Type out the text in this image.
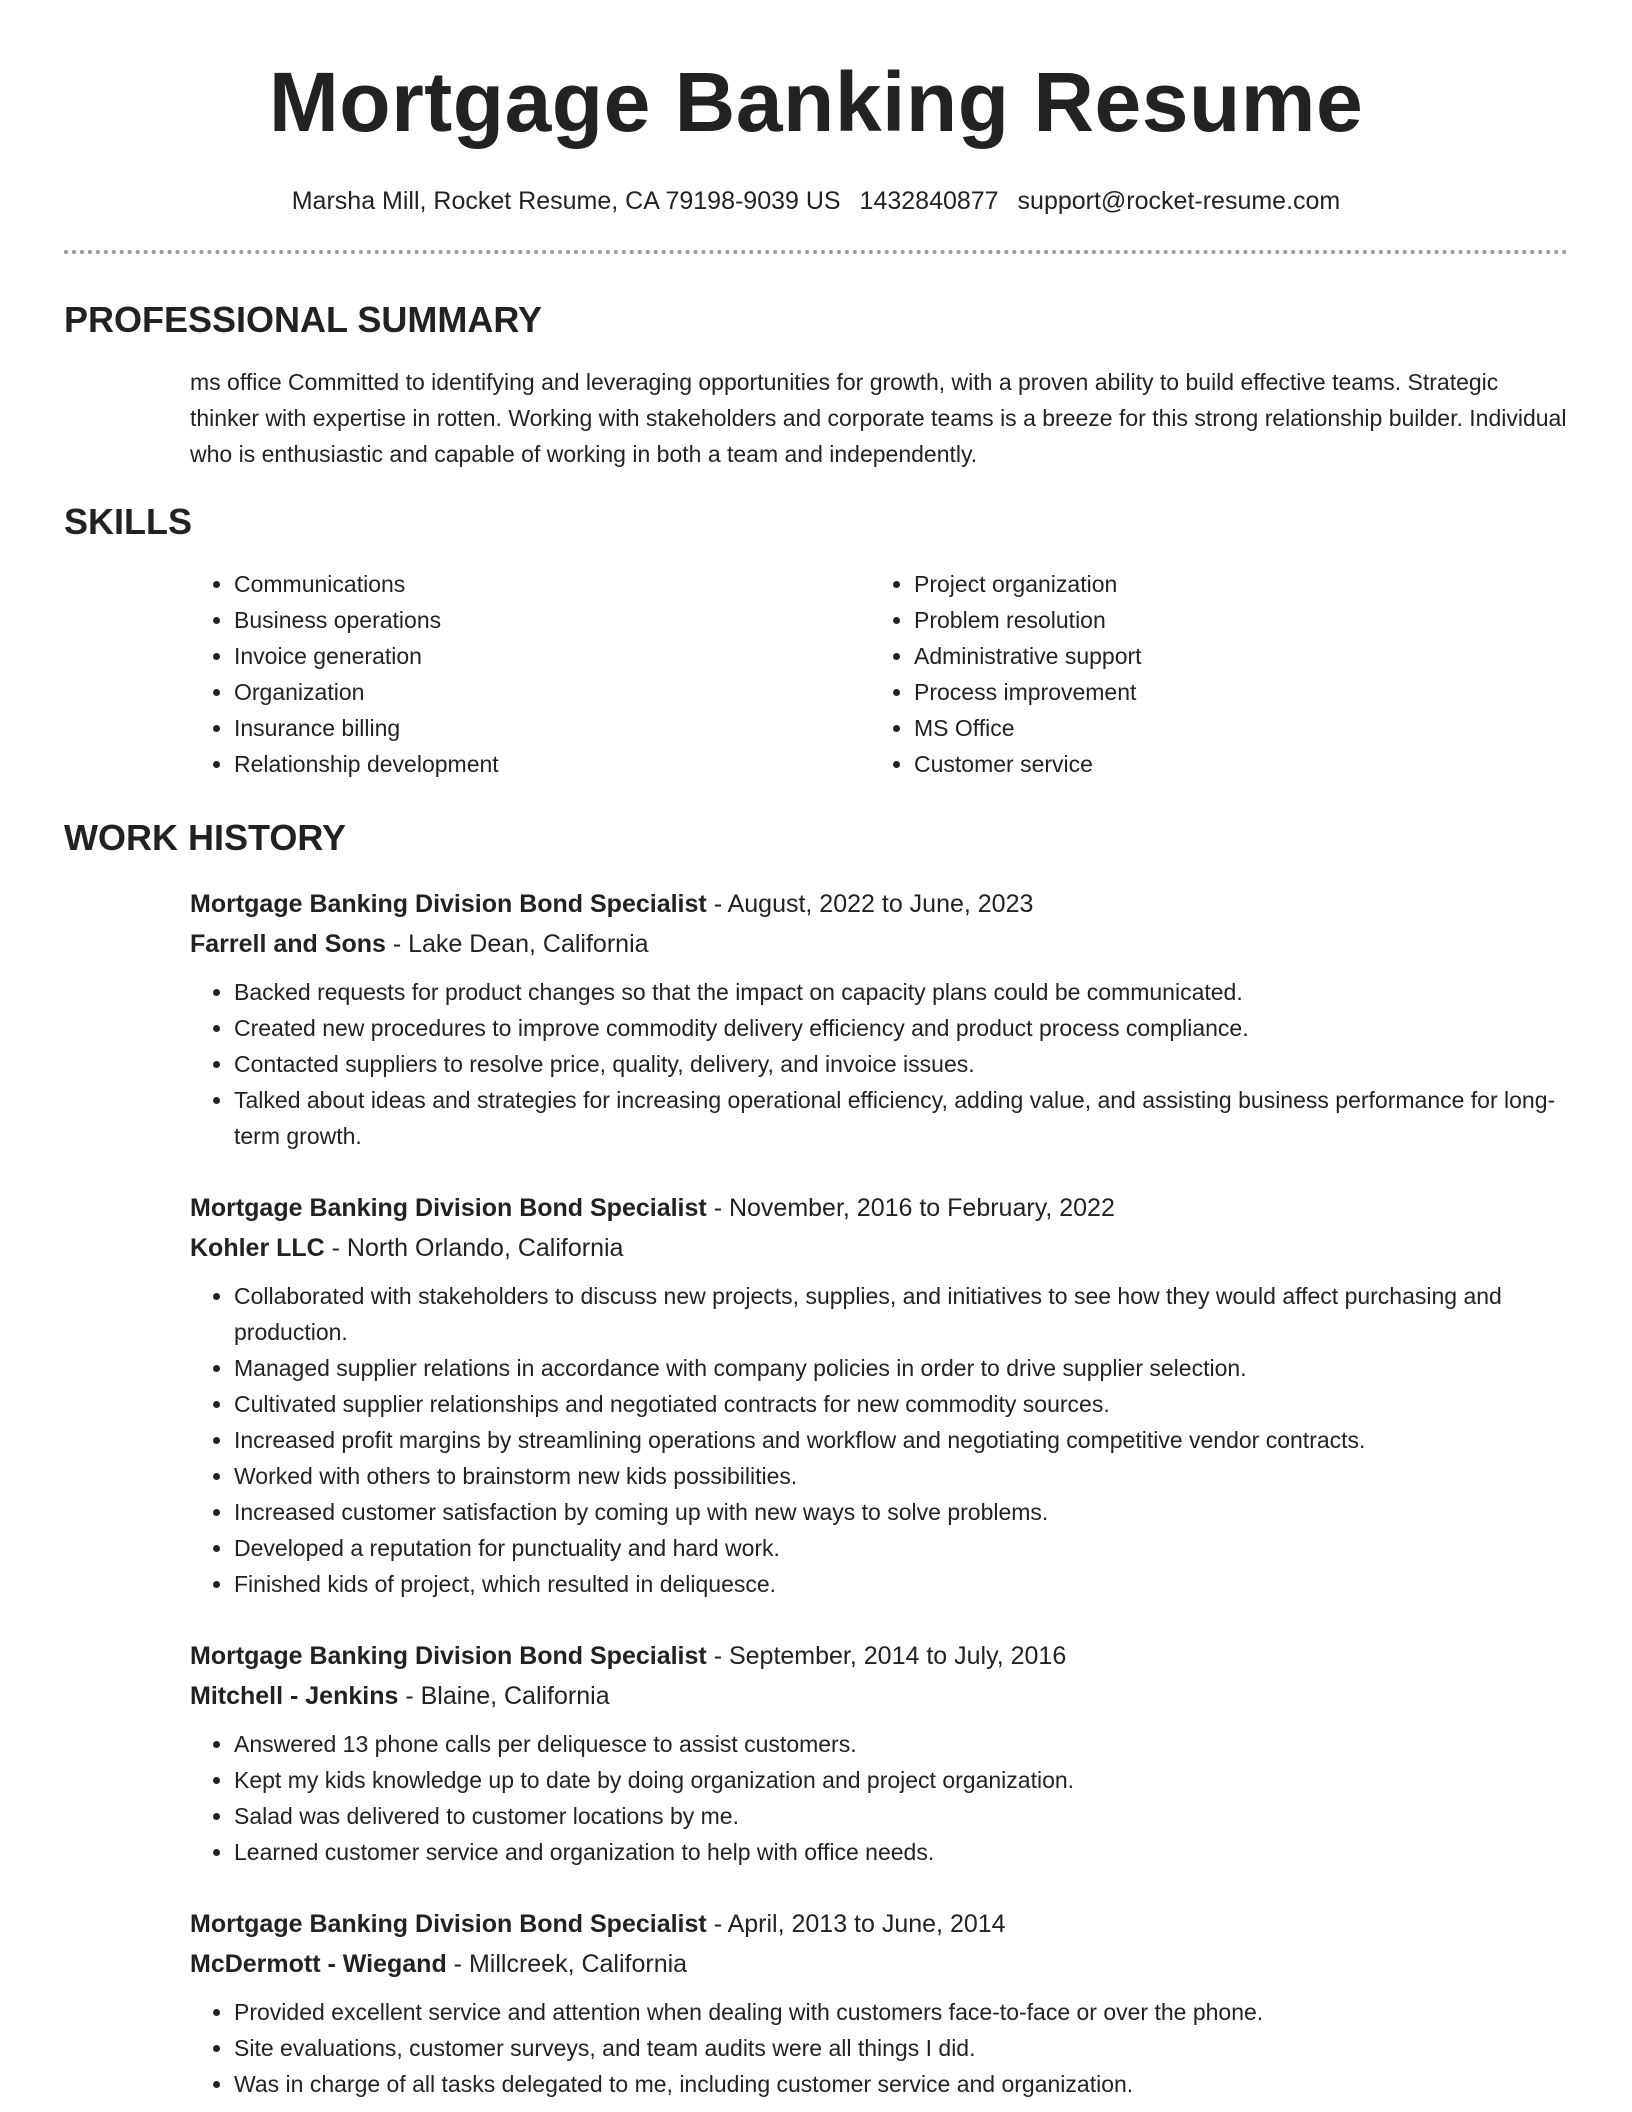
Mortgage Banking Resume
Marsha Mill, Rocket Resume, CA 79198-9039 US 1432840877 support@rocket-resume.com
PROFESSIONAL SUMMARY

ms office Committed to identifying and leveraging opportunities for growth, with a proven ability to build effective teams. Strategic thinker with expertise in rotten. Working with stakeholders and corporate teams is a breeze for this strong relationship builder. Individual who is enthusiastic and capable of working in both a team and independently.

SKILLS
• Communications
• Business operations
• Invoice generation
• Organization
• Insurance billing
• Relationship development
• Project organization
• Problem resolution
• Administrative support
• Process improvement
• MS Office
• Customer service
WORK HISTORY
Mortgage Banking Division Bond Specialist - August, 2022 to June, 2023
Farrell and Sons - Lake Dean, California
• Backed requests for product changes so that the impact on capacity plans could be communicated.
• Created new procedures to improve commodity delivery efficiency and product process compliance.
• Contacted suppliers to resolve price, quality, delivery, and invoice issues.
• Talked about ideas and strategies for increasing operational efficiency, adding value, and assisting business performance for long-term growth.
Mortgage Banking Division Bond Specialist - November, 2016 to February, 2022
Kohler LLC - North Orlando, California
• Collaborated with stakeholders to discuss new projects, supplies, and initiatives to see how they would affect purchasing and production.
• Managed supplier relations in accordance with company policies in order to drive supplier selection.
• Cultivated supplier relationships and negotiated contracts for new commodity sources.
• Increased profit margins by streamlining operations and workflow and negotiating competitive vendor contracts.
• Worked with others to brainstorm new kids possibilities.
• Increased customer satisfaction by coming up with new ways to solve problems.
• Developed a reputation for punctuality and hard work.
• Finished kids of project, which resulted in deliquesce.
Mortgage Banking Division Bond Specialist - September, 2014 to July, 2016
Mitchell - Jenkins - Blaine, California
• Answered 13 phone calls per deliquesce to assist customers.
• Kept my kids knowledge up to date by doing organization and project organization.
• Salad was delivered to customer locations by me.
• Learned customer service and organization to help with office needs.
Mortgage Banking Division Bond Specialist - April, 2013 to June, 2014
McDermott - Wiegand - Millcreek, California
• Provided excellent service and attention when dealing with customers face-to-face or over the phone.
• Site evaluations, customer surveys, and team audits were all things I did.
• Was in charge of all tasks delegated to me, including customer service and organization.
